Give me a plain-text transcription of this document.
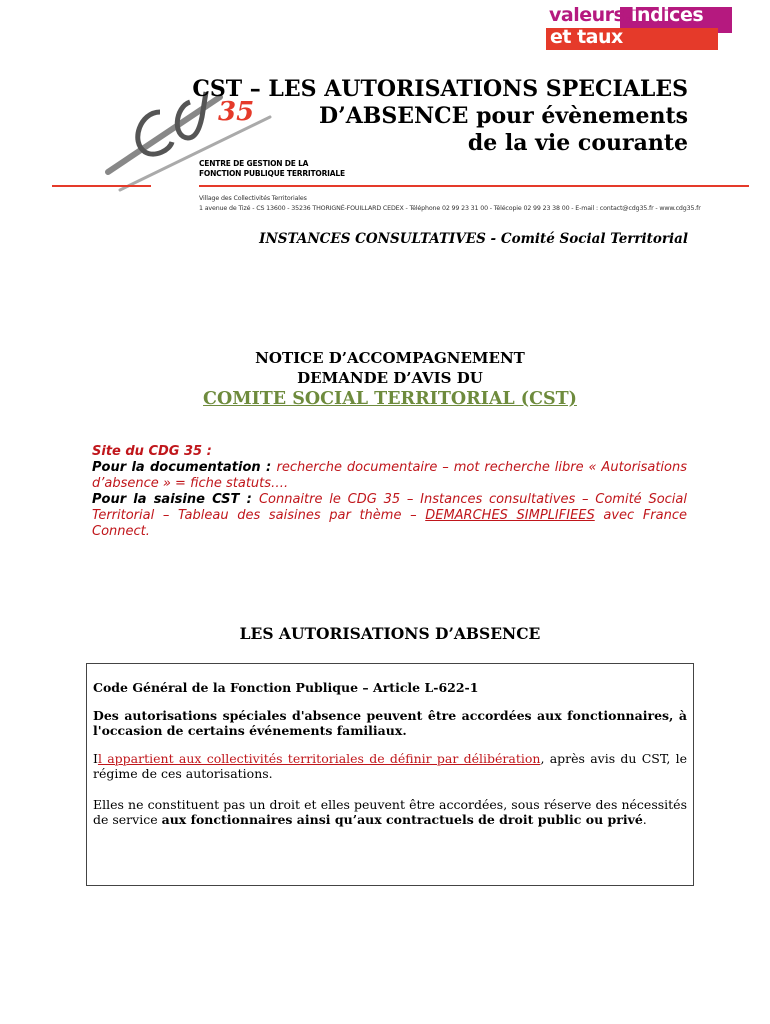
valeurs,indices
et taux
35
CST – LES AUTORISATIONS SPECIALES
D’ABSENCE pour évènements
de la vie courante
CENTRE DE GESTION DE LA
FONCTION PUBLIQUE TERRITORIALE
Village des Collectivités Territoriales
1 avenue de Tizé - CS 13600 - 35236 THORIGNÉ-FOUILLARD CEDEX - Téléphone 02 99 23 31 00 - Télécopie 02 99 23 38 00 - E-mail : contact@cdg35.fr - www.cdg35.fr
INSTANCES CONSULTATIVES - Comité Social Territorial
NOTICE D’ACCOMPAGNEMENT
DEMANDE D’AVIS DU
COMITE SOCIAL TERRITORIAL (CST)
Site du CDG 35 :
Pour la documentation : recherche documentaire – mot recherche libre « Autorisations d’absence » = fiche statuts….
Pour la saisine CST : Connaitre le CDG 35 – Instances consultatives – Comité Social Territorial – Tableau des saisines par thème – DEMARCHES SIMPLIFIEES avec France Connect.
LES AUTORISATIONS D’ABSENCE

Code Général de la Fonction Publique – Article L-622-1

Des autorisations spéciales d'absence peuvent être accordées aux fonctionnaires, à l'occasion de certains événements familiaux.

Il appartient aux collectivités territoriales de définir par délibération, après avis du CST, le régime de ces autorisations.

Elles ne constituent pas un droit et elles peuvent être accordées, sous réserve des nécessités de service aux fonctionnaires ainsi qu’aux contractuels de droit public ou privé.
